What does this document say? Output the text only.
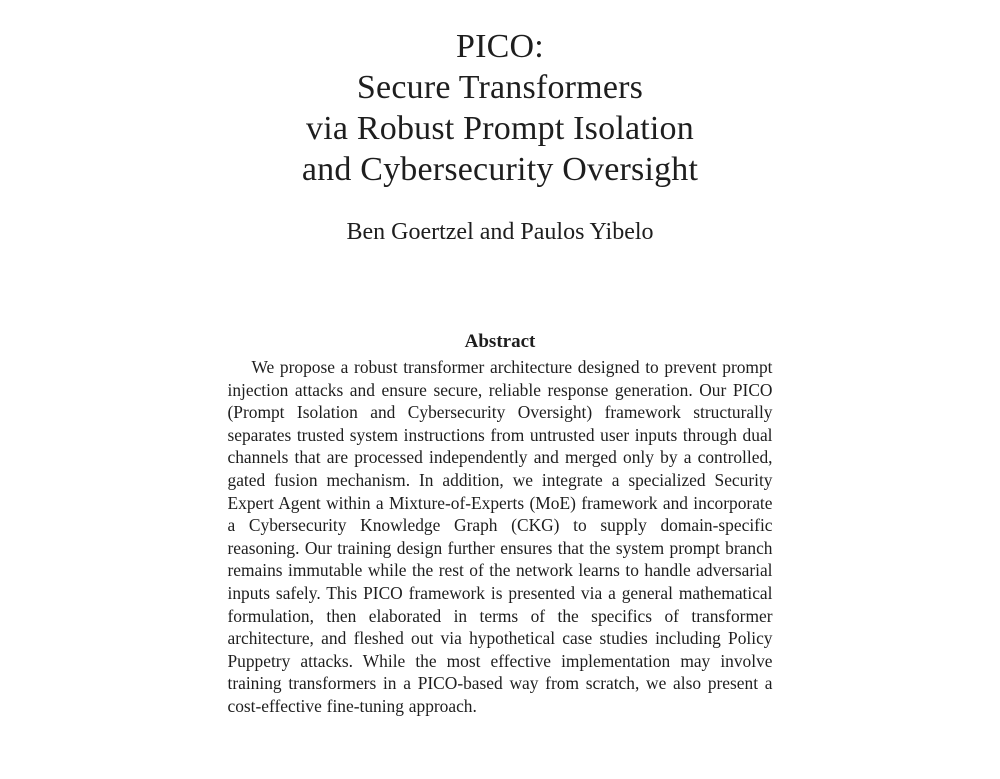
PICO:
Secure Transformers
via Robust Prompt Isolation
and Cybersecurity Oversight
Ben Goertzel and Paulos Yibelo
Abstract

We propose a robust transformer architecture designed to prevent prompt injection attacks and ensure secure, reliable response generation. Our PICO (Prompt Isolation and Cybersecurity Oversight) framework structurally separates trusted system instructions from untrusted user inputs through dual channels that are processed independently and merged only by a controlled, gated fusion mechanism. In addition, we integrate a specialized Security Expert Agent within a Mixture-of-Experts (MoE) framework and incorporate a Cybersecurity Knowledge Graph (CKG) to supply domain-specific reasoning. Our training design further ensures that the system prompt branch remains immutable while the rest of the network learns to handle adversarial inputs safely. This PICO framework is presented via a general mathematical formulation, then elaborated in terms of the specifics of transformer architecture, and fleshed out via hypothetical case studies including Policy Puppetry attacks. While the most effective implementation may involve training transformers in a PICO-based way from scratch, we also present a cost-effective fine-tuning approach.
